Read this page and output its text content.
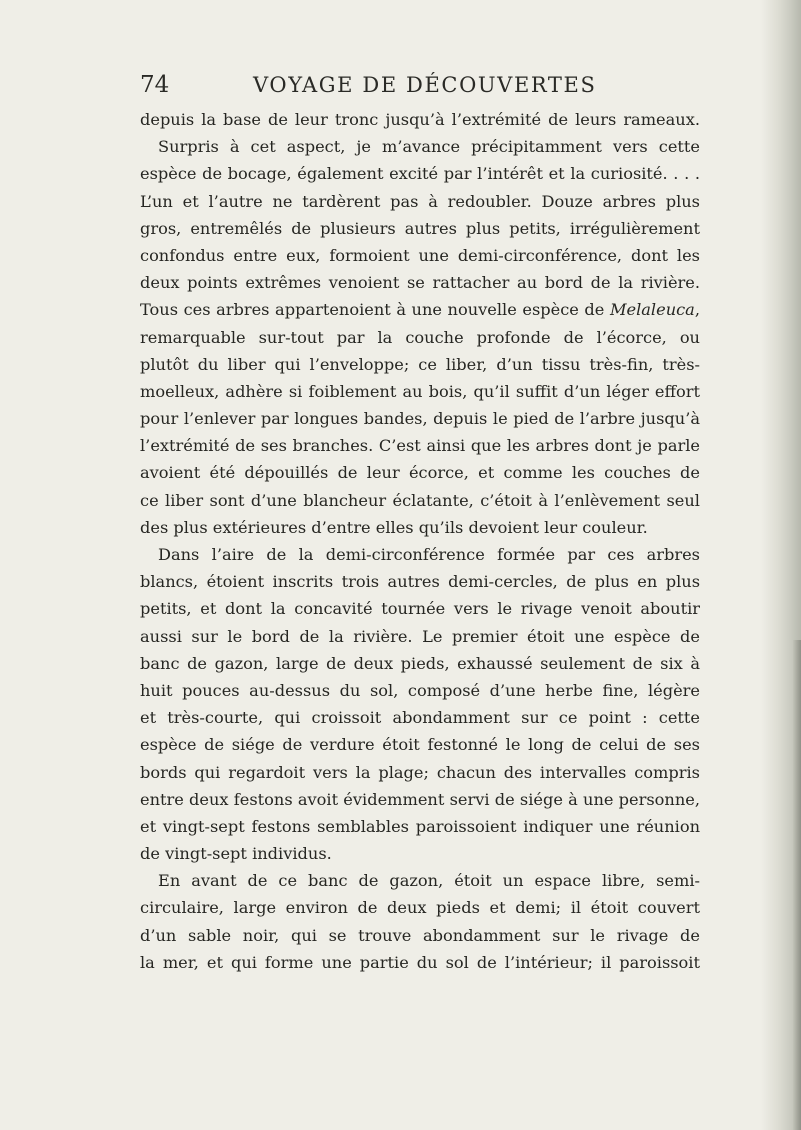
74	VOYAGE DE DÉCOUVERTES
depuis la base de leur tronc jusqu’à l’extrémité de leurs rameaux.
Surpris à cet aspect, je m’avance précipitamment vers cette
espèce de bocage, également excité par l’intérêt et la curiosité. . . .
L’un et l’autre ne tardèrent pas à redoubler. Douze arbres plus
gros, entremêlés de plusieurs autres plus petits, irrégulièrement
confondus entre eux, formoient une demi-circonférence, dont les
deux points extrêmes venoient se rattacher au bord de la rivière.
Tous ces arbres appartenoient à une nouvelle espèce de Melaleuca,
remarquable sur-tout par la couche profonde de l’écorce, ou
plutôt du liber qui l’enveloppe; ce liber, d’un tissu très-fin, très-
moelleux, adhère si foiblement au bois, qu’il suffit d’un léger effort
pour l’enlever par longues bandes, depuis le pied de l’arbre jusqu’à
l’extrémité de ses branches. C’est ainsi que les arbres dont je parle
avoient été dépouillés de leur écorce, et comme les couches de
ce liber sont d’une blancheur éclatante, c’étoit à l’enlèvement seul
des plus extérieures d’entre elles qu’ils devoient leur couleur.
Dans l’aire de la demi-circonférence formée par ces arbres
blancs, étoient inscrits trois autres demi-cercles, de plus en plus
petits, et dont la concavité tournée vers le rivage venoit aboutir
aussi sur le bord de la rivière. Le premier étoit une espèce de
banc de gazon, large de deux pieds, exhaussé seulement de six à
huit pouces au-dessus du sol, composé d’une herbe fine, légère
et très-courte, qui croissoit abondamment sur ce point : cette
espèce de siége de verdure étoit festonné le long de celui de ses
bords qui regardoit vers la plage; chacun des intervalles compris
entre deux festons avoit évidemment servi de siége à une personne,
et vingt-sept festons semblables paroissoient indiquer une réunion
de vingt-sept individus.
En avant de ce banc de gazon, étoit un espace libre, semi-
circulaire, large environ de deux pieds et demi; il étoit couvert
d’un sable noir, qui se trouve abondamment sur le rivage de
la mer, et qui forme une partie du sol de l’intérieur; il paroissoit
